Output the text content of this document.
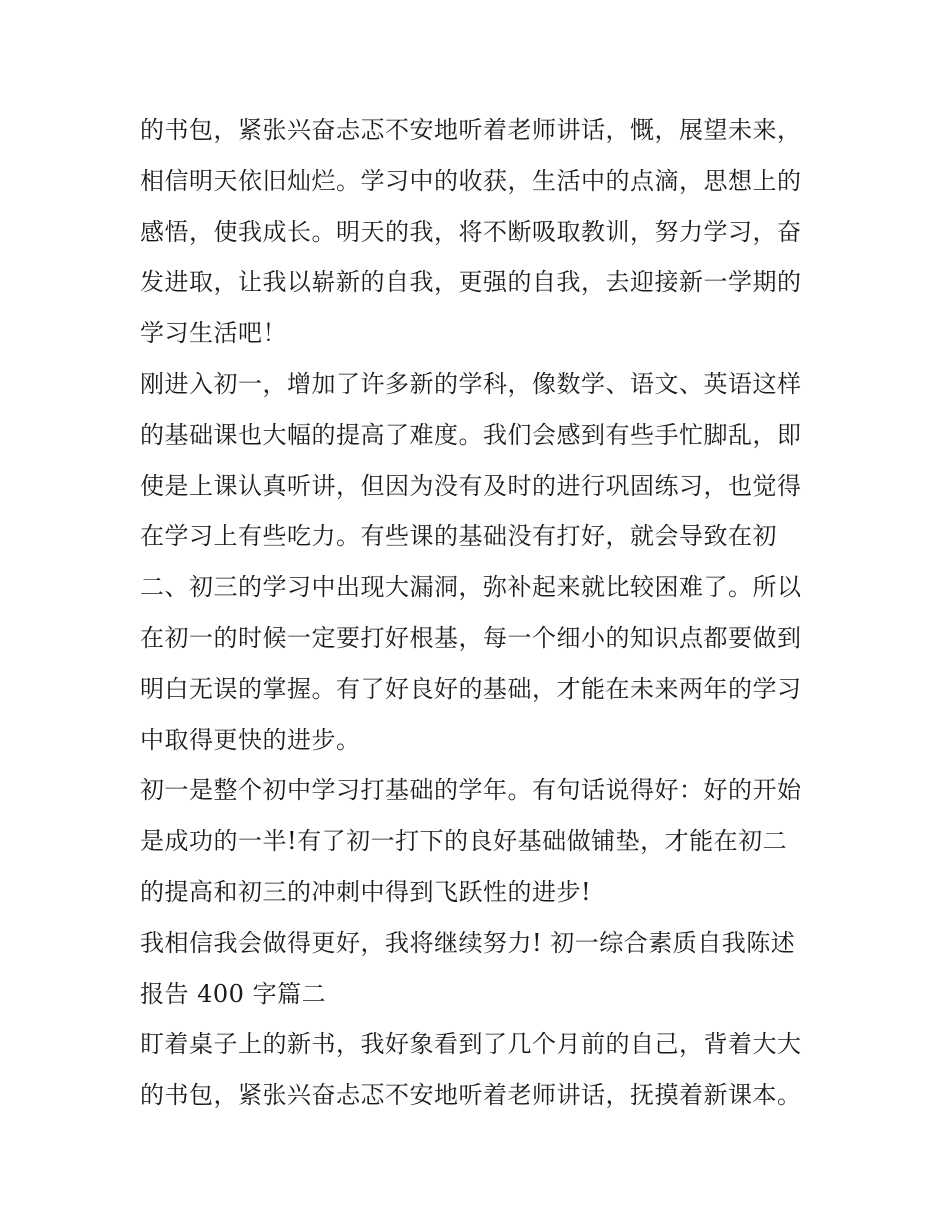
的书包，紧张兴奋忐忑不安地听着老师讲话，慨，展望未来，
相信明天依旧灿烂。学习中的收获，生活中的点滴，思想上的
感悟，使我成长。明天的我，将不断吸取教训，努力学习，奋
发进取，让我以崭新的自我，更强的自我，去迎接新一学期的
学习生活吧！
刚进入初一，增加了许多新的学科，像数学、语文、英语这样
的基础课也大幅的提高了难度。我们会感到有些手忙脚乱，即
使是上课认真听讲，但因为没有及时的进行巩固练习，也觉得
在学习上有些吃力。有些课的基础没有打好，就会导致在初
二、初三的学习中出现大漏洞，弥补起来就比较困难了。所以
在初一的时候一定要打好根基，每一个细小的知识点都要做到
明白无误的掌握。有了好良好的基础，才能在未来两年的学习
中取得更快的进步。
初一是整个初中学习打基础的学年。有句话说得好：好的开始
是成功的一半!有了初一打下的良好基础做铺垫，才能在初二
的提高和初三的冲刺中得到飞跃性的进步!
我相信我会做得更好，我将继续努力! 初一综合素质自我陈述
报告 400 字篇二
盯着桌子上的新书，我好象看到了几个月前的自己，背着大大
的书包，紧张兴奋忐忑不安地听着老师讲话，抚摸着新课本。
